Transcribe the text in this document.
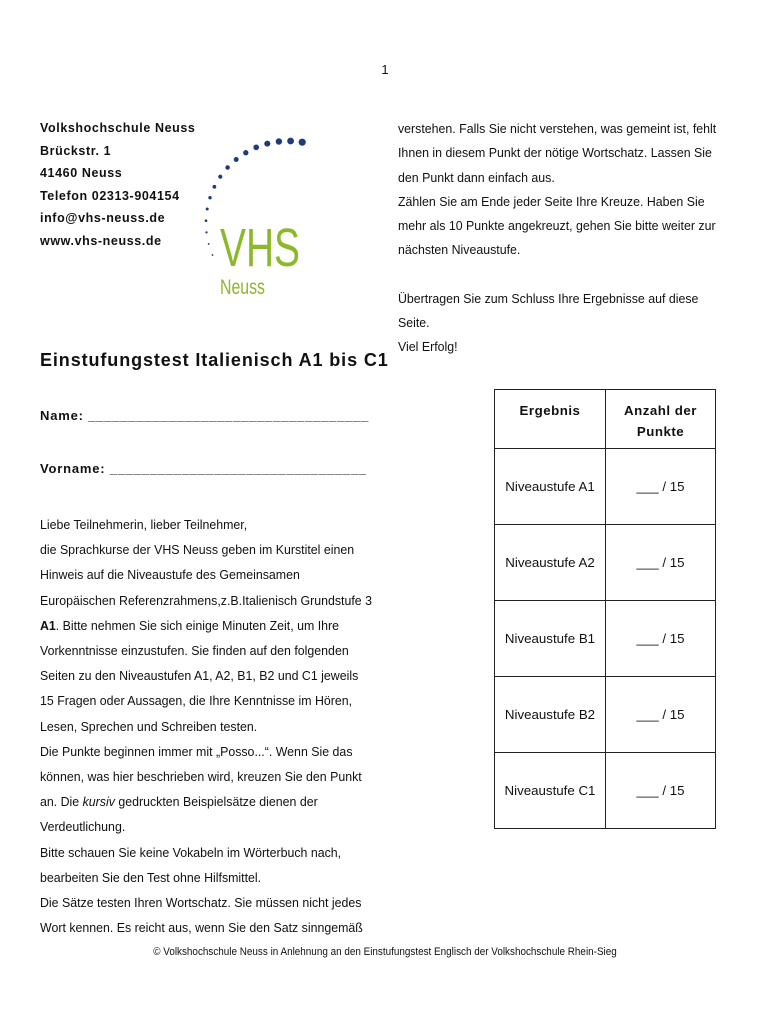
1
Volkshochschule Neuss
Brückstr. 1
41460 Neuss
Telefon 02313-904154
info@vhs-neuss.de
www.vhs-neuss.de	VHS
Neuss
Einstufungstest Italienisch A1 bis C1
Name: ___________________________________
Vorname: ________________________________
Liebe Teilnehmerin, lieber Teilnehmer,
die Sprachkurse der VHS Neuss geben im Kurstitel einen
Hinweis auf die Niveaustufe des Gemeinsamen
Europäischen Referenzrahmens,z.B.Italienisch Grundstufe 3
A1. Bitte nehmen Sie sich einige Minuten Zeit, um Ihre
Vorkenntnisse einzustufen. Sie finden auf den folgenden
Seiten zu den Niveaustufen A1, A2, B1, B2 und C1 jeweils
15 Fragen oder Aussagen, die Ihre Kenntnisse im Hören,
Lesen, Sprechen und Schreiben testen.
Die Punkte beginnen immer mit „Posso...“. Wenn Sie das
können, was hier beschrieben wird, kreuzen Sie den Punkt
an. Die kursiv gedruckten Beispielsätze dienen der
Verdeutlichung.
Bitte schauen Sie keine Vokabeln im Wörterbuch nach,
bearbeiten Sie den Test ohne Hilfsmittel.
Die Sätze testen Ihren Wortschatz. Sie müssen nicht jedes
Wort kennen. Es reicht aus, wenn Sie den Satz sinngemäß
verstehen. Falls Sie nicht verstehen, was gemeint ist, fehlt
Ihnen in diesem Punkt der nötige Wortschatz. Lassen Sie
den Punkt dann einfach aus.
Zählen Sie am Ende jeder Seite Ihre Kreuze. Haben Sie
mehr als 10 Punkte angekreuzt, gehen Sie bitte weiter zur
nächsten Niveaustufe.
Übertragen Sie zum Schluss Ihre Ergebnisse auf diese
Seite.
Viel Erfolg!
Ergebnis	Anzahl der
Punkte
Niveaustufe A1	___ / 15
Niveaustufe A2	___ / 15
Niveaustufe B1	___ / 15
Niveaustufe B2	___ / 15
Niveaustufe C1	___ / 15
© Volkshochschule Neuss in Anlehnung an den Einstufungstest Englisch der Volkshochschule Rhein-Sieg
